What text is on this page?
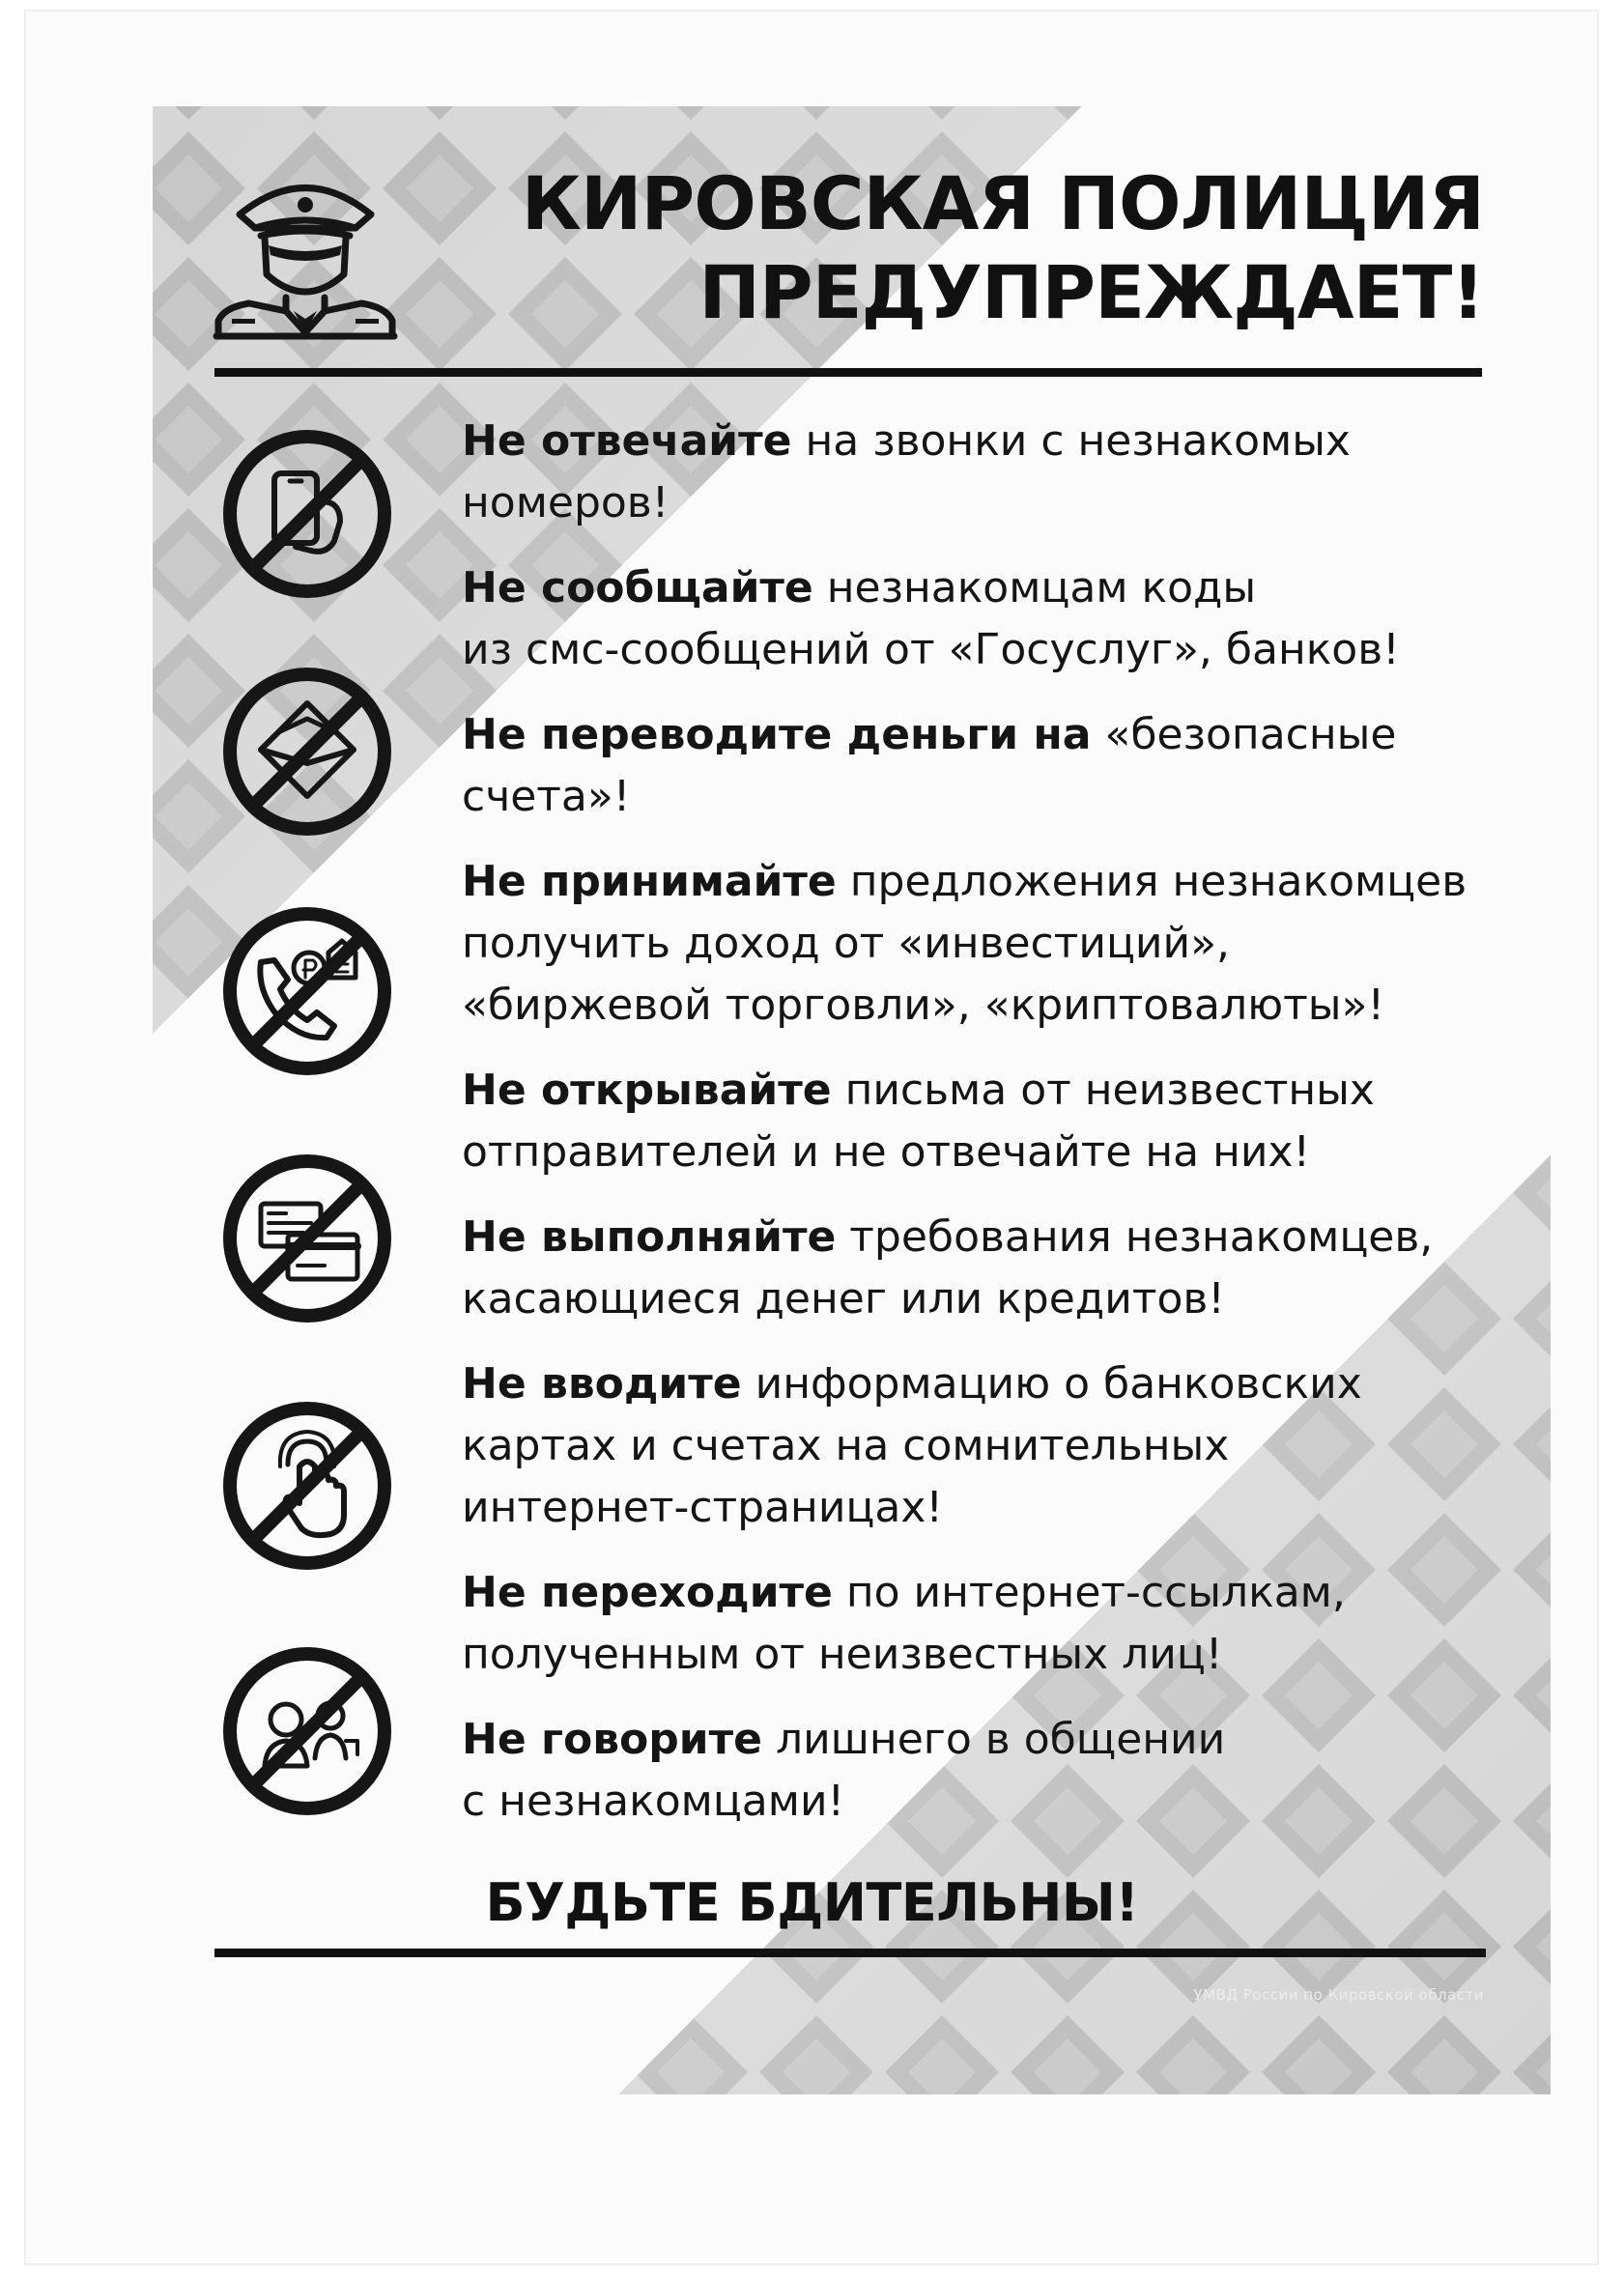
КИРОВСКАЯ ПОЛИЦИЯ
ПРЕДУПРЕЖДАЕТ!

Не отвечайте на звонки с незнакомых
номеров!

Не сообщайте незнакомцам коды
из смс-сообщений от «Госуслуг», банков!

Не переводите деньги на «безопасные
счета»!

Не принимайте предложения незнакомцев
получить доход от «инвестиций»,
«биржевой торговли», «криптовалюты»!

Не открывайте письма от неизвестных
отправителей и не отвечайте на них!

Не выполняйте требования незнакомцев,
касающиеся денег или кредитов!

Не вводите информацию о банковских
картах и счетах на сомнительных
интернет-страницах!

Не переходите по интернет-ссылкам,
полученным от неизвестных лиц!

Не говорите лишнего в общении
с незнакомцами!

БУДЬТЕ БДИТЕЛЬНЫ!

УМВД России по Кировской области
